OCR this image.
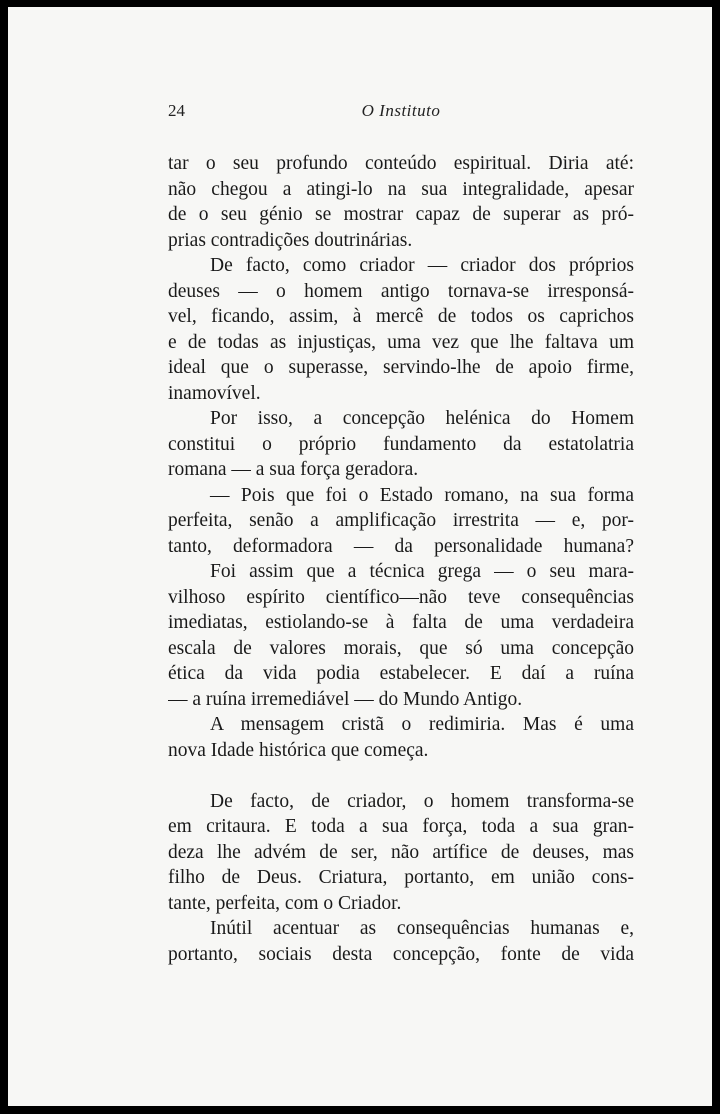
24	O Instituto
tar o seu profundo conteúdo espiritual. Diria até:
não chegou a atingi-lo na sua integralidade, apesar
de o seu génio se mostrar capaz de superar as pró-
prias contradições doutrinárias.
De facto, como criador — criador dos próprios
deuses — o homem antigo tornava-se irresponsá-
vel, ficando, assim, à mercê de todos os caprichos
e de todas as injustiças, uma vez que lhe faltava um
ideal que o superasse, servindo-lhe de apoio firme,
inamovível.
Por isso, a concepção helénica do Homem
constitui o próprio fundamento da estatolatria
romana — a sua força geradora.
— Pois que foi o Estado romano, na sua forma
perfeita, senão a amplificação irrestrita — e, por-
tanto, deformadora — da personalidade humana?
Foi assim que a técnica grega — o seu mara-
vilhoso espírito científico—não teve consequências
imediatas, estiolando-se à falta de uma verdadeira
escala de valores morais, que só uma concepção
ética da vida podia estabelecer. E daí a ruína
— a ruína irremediável — do Mundo Antigo.
A mensagem cristã o redimiria. Mas é uma
nova Idade histórica que começa.
De facto, de criador, o homem transforma-se
em critaura. E toda a sua força, toda a sua gran-
deza lhe advém de ser, não artífice de deuses, mas
filho de Deus. Criatura, portanto, em união cons-
tante, perfeita, com o Criador.
Inútil acentuar as consequências humanas e,
portanto, sociais desta concepção, fonte de vida
